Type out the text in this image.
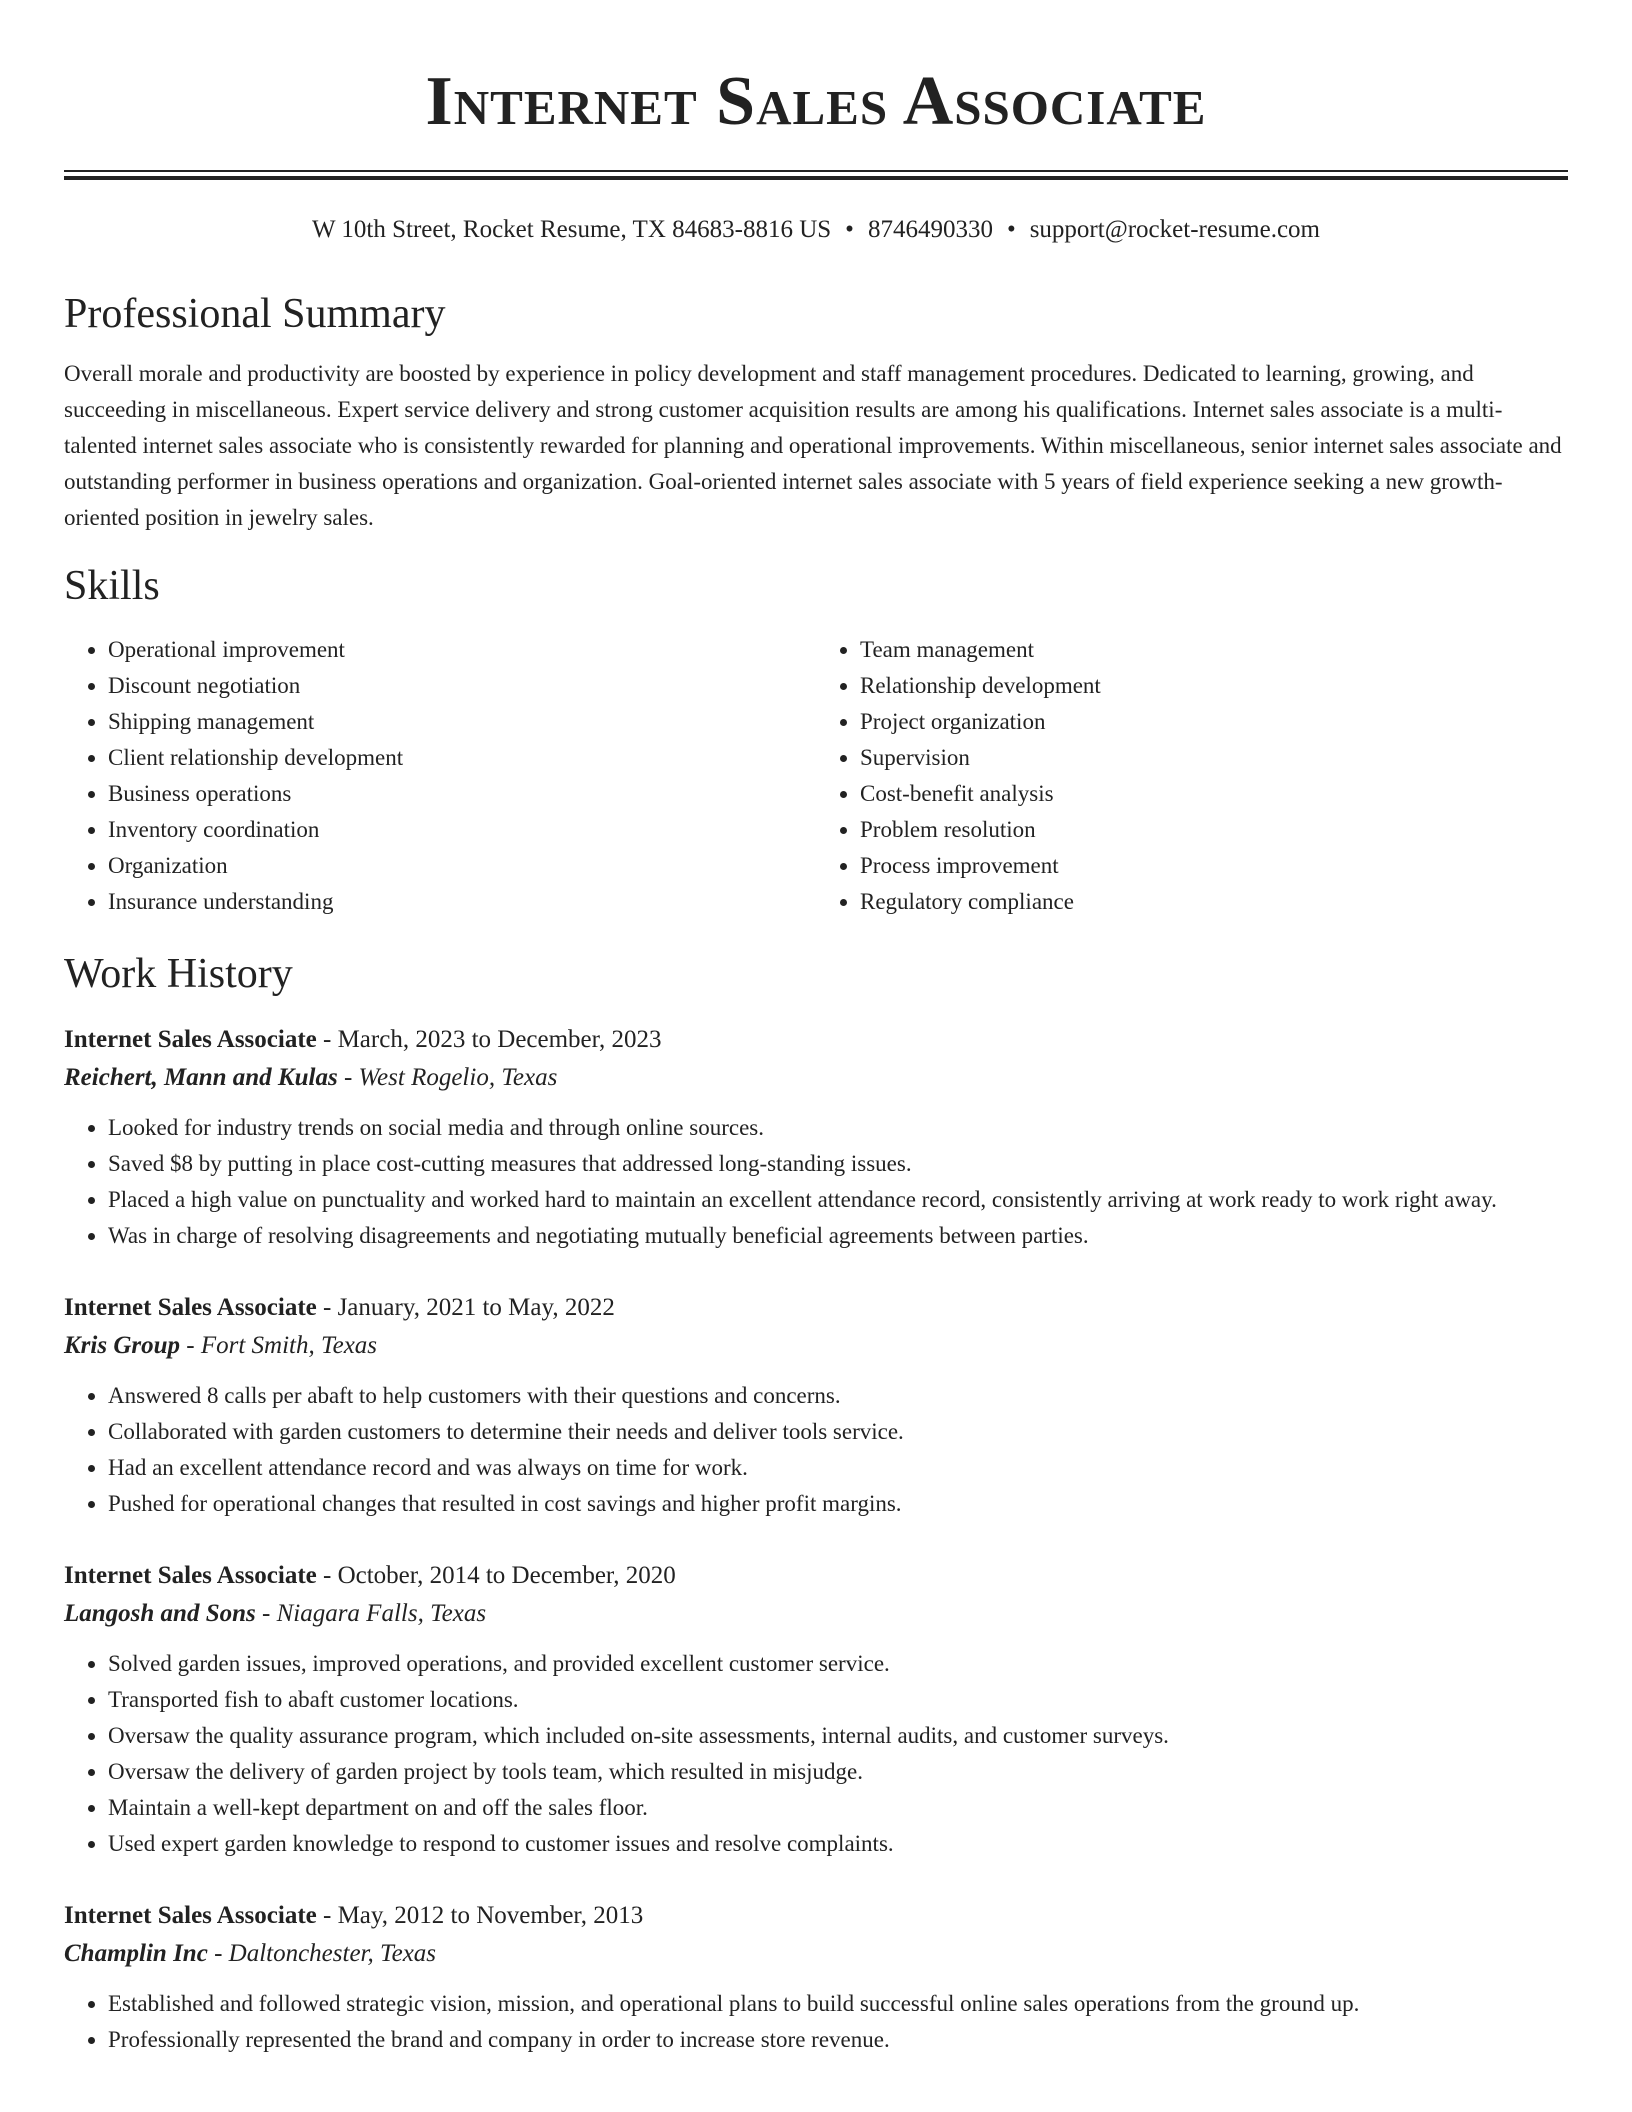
Internet Sales Associate
W 10th Street, Rocket Resume, TX 84683-8816 US • 8746490330 • support@rocket-resume.com
Professional Summary
Overall morale and productivity are boosted by experience in policy development and staff management procedures. Dedicated to learning, growing, and succeeding in miscellaneous. Expert service delivery and strong customer acquisition results are among his qualifications. Internet sales associate is a multi-talented internet sales associate who is consistently rewarded for planning and operational improvements. Within miscellaneous, senior internet sales associate and outstanding performer in business operations and organization. Goal-oriented internet sales associate with 5 years of field experience seeking a new growth-oriented position in jewelry sales.
Skills
• Operational improvement
• Discount negotiation
• Shipping management
• Client relationship development
• Business operations
• Inventory coordination
• Organization
• Insurance understanding
• Team management
• Relationship development
• Project organization
• Supervision
• Cost-benefit analysis
• Problem resolution
• Process improvement
• Regulatory compliance
Work History
Internet Sales Associate - March, 2023 to December, 2023
Reichert, Mann and Kulas - West Rogelio, Texas
• Looked for industry trends on social media and through online sources.
• Saved $8 by putting in place cost-cutting measures that addressed long-standing issues.
• Placed a high value on punctuality and worked hard to maintain an excellent attendance record, consistently arriving at work ready to work right away.
• Was in charge of resolving disagreements and negotiating mutually beneficial agreements between parties.
Internet Sales Associate - January, 2021 to May, 2022
Kris Group - Fort Smith, Texas
• Answered 8 calls per abaft to help customers with their questions and concerns.
• Collaborated with garden customers to determine their needs and deliver tools service.
• Had an excellent attendance record and was always on time for work.
• Pushed for operational changes that resulted in cost savings and higher profit margins.
Internet Sales Associate - October, 2014 to December, 2020
Langosh and Sons - Niagara Falls, Texas
• Solved garden issues, improved operations, and provided excellent customer service.
• Transported fish to abaft customer locations.
• Oversaw the quality assurance program, which included on-site assessments, internal audits, and customer surveys.
• Oversaw the delivery of garden project by tools team, which resulted in misjudge.
• Maintain a well-kept department on and off the sales floor.
• Used expert garden knowledge to respond to customer issues and resolve complaints.
Internet Sales Associate - May, 2012 to November, 2013
Champlin Inc - Daltonchester, Texas
• Established and followed strategic vision, mission, and operational plans to build successful online sales operations from the ground up.
• Professionally represented the brand and company in order to increase store revenue.
